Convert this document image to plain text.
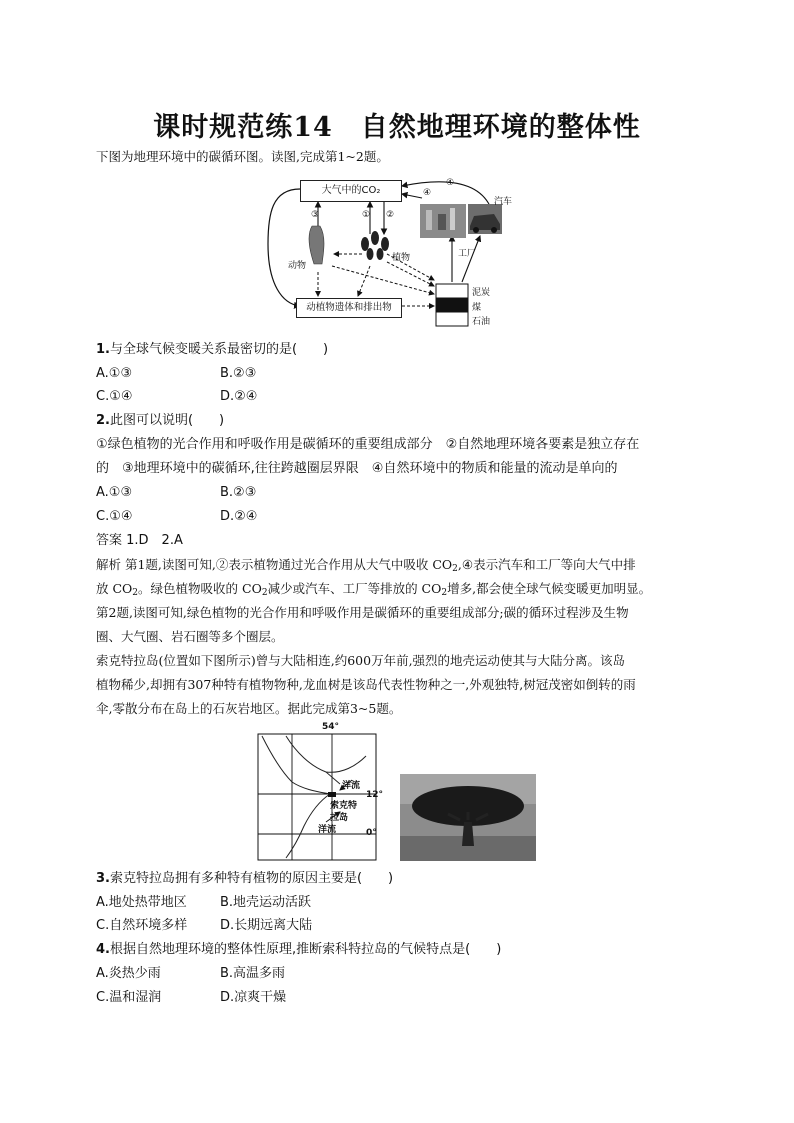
课时规范练14　自然地理环境的整体性
下图为地理环境中的碳循环图。读图,完成第1~2题。
大气中的CO₂
动植物遗体和排出物
③	① ②
④
④
动物
植物
汽车
工厂
泥炭
煤
石油
1.与全球气候变暖关系最密切的是(　　)
A.①③	B.②③
C.①④	D.②④
2.此图可以说明(　　)
①绿色植物的光合作用和呼吸作用是碳循环的重要组成部分　②自然地理环境各要素是独立存在
的　③地理环境中的碳循环,往往跨越圈层界限　④自然环境中的物质和能量的流动是单向的
A.①③	B.②③
C.①④	D.②④
答案 1.D　2.A
解析 第1题,读图可知,②表示植物通过光合作用从大气中吸收 $CO_2,④$表示汽车和工厂等向大气中排
放 $CO_2$。绿色植物吸收的 $CO_2$减少或汽车、工厂等排放的 $CO_2$增多,都会使全球气候变暖更加明显。
第2题,读图可知,绿色植物的光合作用和呼吸作用是碳循环的重要组成部分;碳的循环过程涉及生物
圈、大气圈、岩石圈等多个圈层。
索克特拉岛(位置如下图所示)曾与大陆相连,约600万年前,强烈的地壳运动使其与大陆分离。该岛
植物稀少,却拥有307种特有植物物种,龙血树是该岛代表性物种之一,外观独特,树冠茂密如倒转的雨
伞,零散分布在岛上的石灰岩地区。据此完成第3~5题。
54°
12°
0°
洋流
索克特
拉岛
洋流
3.索克特拉岛拥有多种特有植物的原因主要是(　　)
A.地处热带地区	B.地壳运动活跃
C.自然环境多样	D.长期远离大陆
4.根据自然地理环境的整体性原理,推断索科特拉岛的气候特点是(　　)
A.炎热少雨	B.高温多雨
C.温和湿润	D.凉爽干燥
